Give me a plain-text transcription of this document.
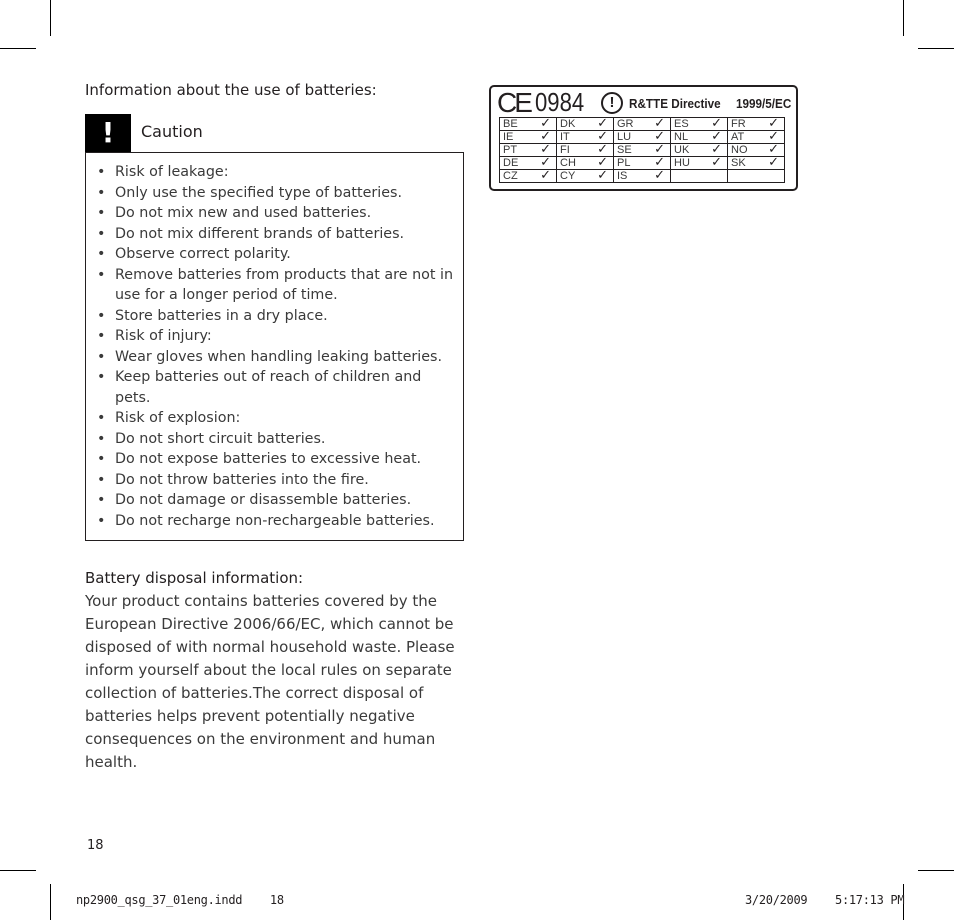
Information about the use of batteries:
!	Caution
• Risk of leakage:
• Only use the specified type of batteries.
• Do not mix new and used batteries.
• Do not mix different brands of batteries.
• Observe correct polarity.
• Remove batteries from products that are not in use for a longer period of time.
• Store batteries in a dry place.
• Risk of injury:
• Wear gloves when handling leaking batteries.
• Keep batteries out of reach of children and pets.
• Risk of explosion:
• Do not short circuit batteries.
• Do not expose batteries to excessive heat.
• Do not throw batteries into the fire.
• Do not damage or disassemble batteries.
• Do not recharge non-rechargeable batteries.
Battery disposal information:
Your product contains batteries covered by the European Directive 2006/66/EC, which cannot be disposed of with normal household waste. Please inform yourself about the local rules on separate collection of batteries.The correct disposal of batteries helps prevent potentially negative consequences on the environment and human health.
CE 0984	!	R&TTE Directive 1999/5/EC
BE ✓	DK ✓	GR ✓	ES ✓	FR ✓

IE ✓	IT ✓	LU ✓	NL ✓	AT ✓

PT ✓	FI ✓	SE ✓	UK ✓	NO ✓

DE ✓	CH ✓	PL ✓	HU ✓	SK ✓

CZ ✓	CY ✓	IS ✓		

18
np2900_qsg_37_01eng.indd    18	3/20/2009    5:17:13 PM
